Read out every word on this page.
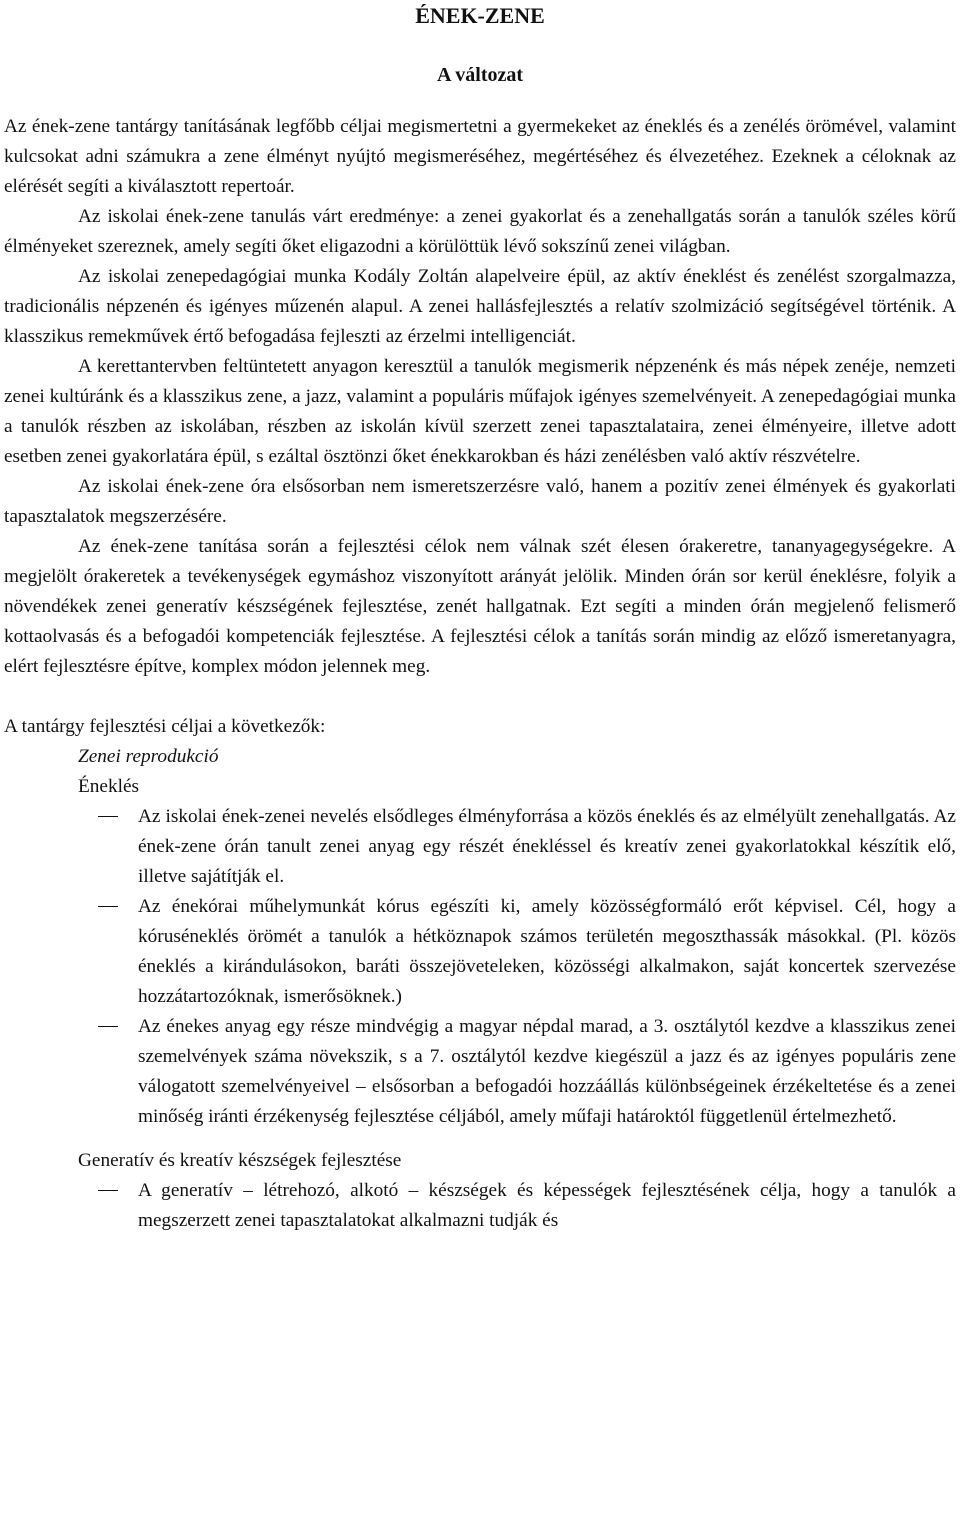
ÉNEK-ZENE
A változat

Az ének-zene tantárgy tanításának legfőbb céljai megismertetni a gyermekeket az éneklés és a zenélés örömével, valamint kulcsokat adni számukra a zene élményt nyújtó megismeréséhez, megértéséhez és élvezetéhez. Ezeknek a céloknak az elérését segíti a kiválasztott repertoár.

Az iskolai ének-zene tanulás várt eredménye: a zenei gyakorlat és a zenehallgatás során a tanulók széles körű élményeket szereznek, amely segíti őket eligazodni a körülöttük lévő sokszínű zenei világban.

Az iskolai zenepedagógiai munka Kodály Zoltán alapelveire épül, az aktív éneklést és zenélést szorgalmazza, tradicionális népzenén és igényes műzenén alapul. A zenei hallásfejlesztés a relatív szolmizáció segítségével történik. A klasszikus remekművek értő befogadása fejleszti az érzelmi intelligenciát.

A kerettantervben feltüntetett anyagon keresztül a tanulók megismerik népzenénk és más népek zenéje, nemzeti zenei kultúránk és a klasszikus zene, a jazz, valamint a populáris műfajok igényes szemelvényeit. A zenepedagógiai munka a tanulók részben az iskolában, részben az iskolán kívül szerzett zenei tapasztalataira, zenei élményeire, illetve adott esetben zenei gyakorlatára épül, s ezáltal ösztönzi őket énekkarokban és házi zenélésben való aktív részvételre.

Az iskolai ének-zene óra elsősorban nem ismeretszerzésre való, hanem a pozitív zenei élmények és gyakorlati tapasztalatok megszerzésére.

Az ének-zene tanítása során a fejlesztési célok nem válnak szét élesen órakeretre, tananyagegységekre. A megjelölt órakeretek a tevékenységek egymáshoz viszonyított arányát jelölik. Minden órán sor kerül éneklésre, folyik a növendékek zenei generatív készségének fejlesztése, zenét hallgatnak. Ezt segíti a minden órán megjelenő felismerő kottaolvasás és a befogadói kompetenciák fejlesztése. A fejlesztési célok a tanítás során mindig az előző ismeretanyagra, elért fejlesztésre építve, komplex módon jelennek meg.

A tantárgy fejlesztési céljai a következők:
Zenei reprodukció
Éneklés
Az iskolai ének-zenei nevelés elsődleges élményforrása a közös éneklés és az elmélyült zenehallgatás. Az ének-zene órán tanult zenei anyag egy részét énekléssel és kreatív zenei gyakorlatokkal készítik elő, illetve sajátítják el.
Az énekórai műhelymunkát kórus egészíti ki, amely közösségformáló erőt képvisel. Cél, hogy a kóruséneklés örömét a tanulók a hétköznapok számos területén megoszthassák másokkal. (Pl. közös éneklés a kirándulásokon, baráti összejöveteleken, közösségi alkalmakon, saját koncertek szervezése hozzátartozóknak, ismerősöknek.)
Az énekes anyag egy része mindvégig a magyar népdal marad, a 3. osztálytól kezdve a klasszikus zenei szemelvények száma növekszik, s a 7. osztálytól kezdve kiegészül a jazz és az igényes populáris zene válogatott szemelvényeivel – elsősorban a befogadói hozzáállás különbségeinek érzékeltetése és a zenei minőség iránti érzékenység fejlesztése céljából, amely műfaji határoktól függetlenül értelmezhető.
Generatív és kreatív készségek fejlesztése
A generatív – létrehozó, alkotó – készségek és képességek fejlesztésének célja, hogy a tanulók a megszerzett zenei tapasztalatokat alkalmazni tudják és
